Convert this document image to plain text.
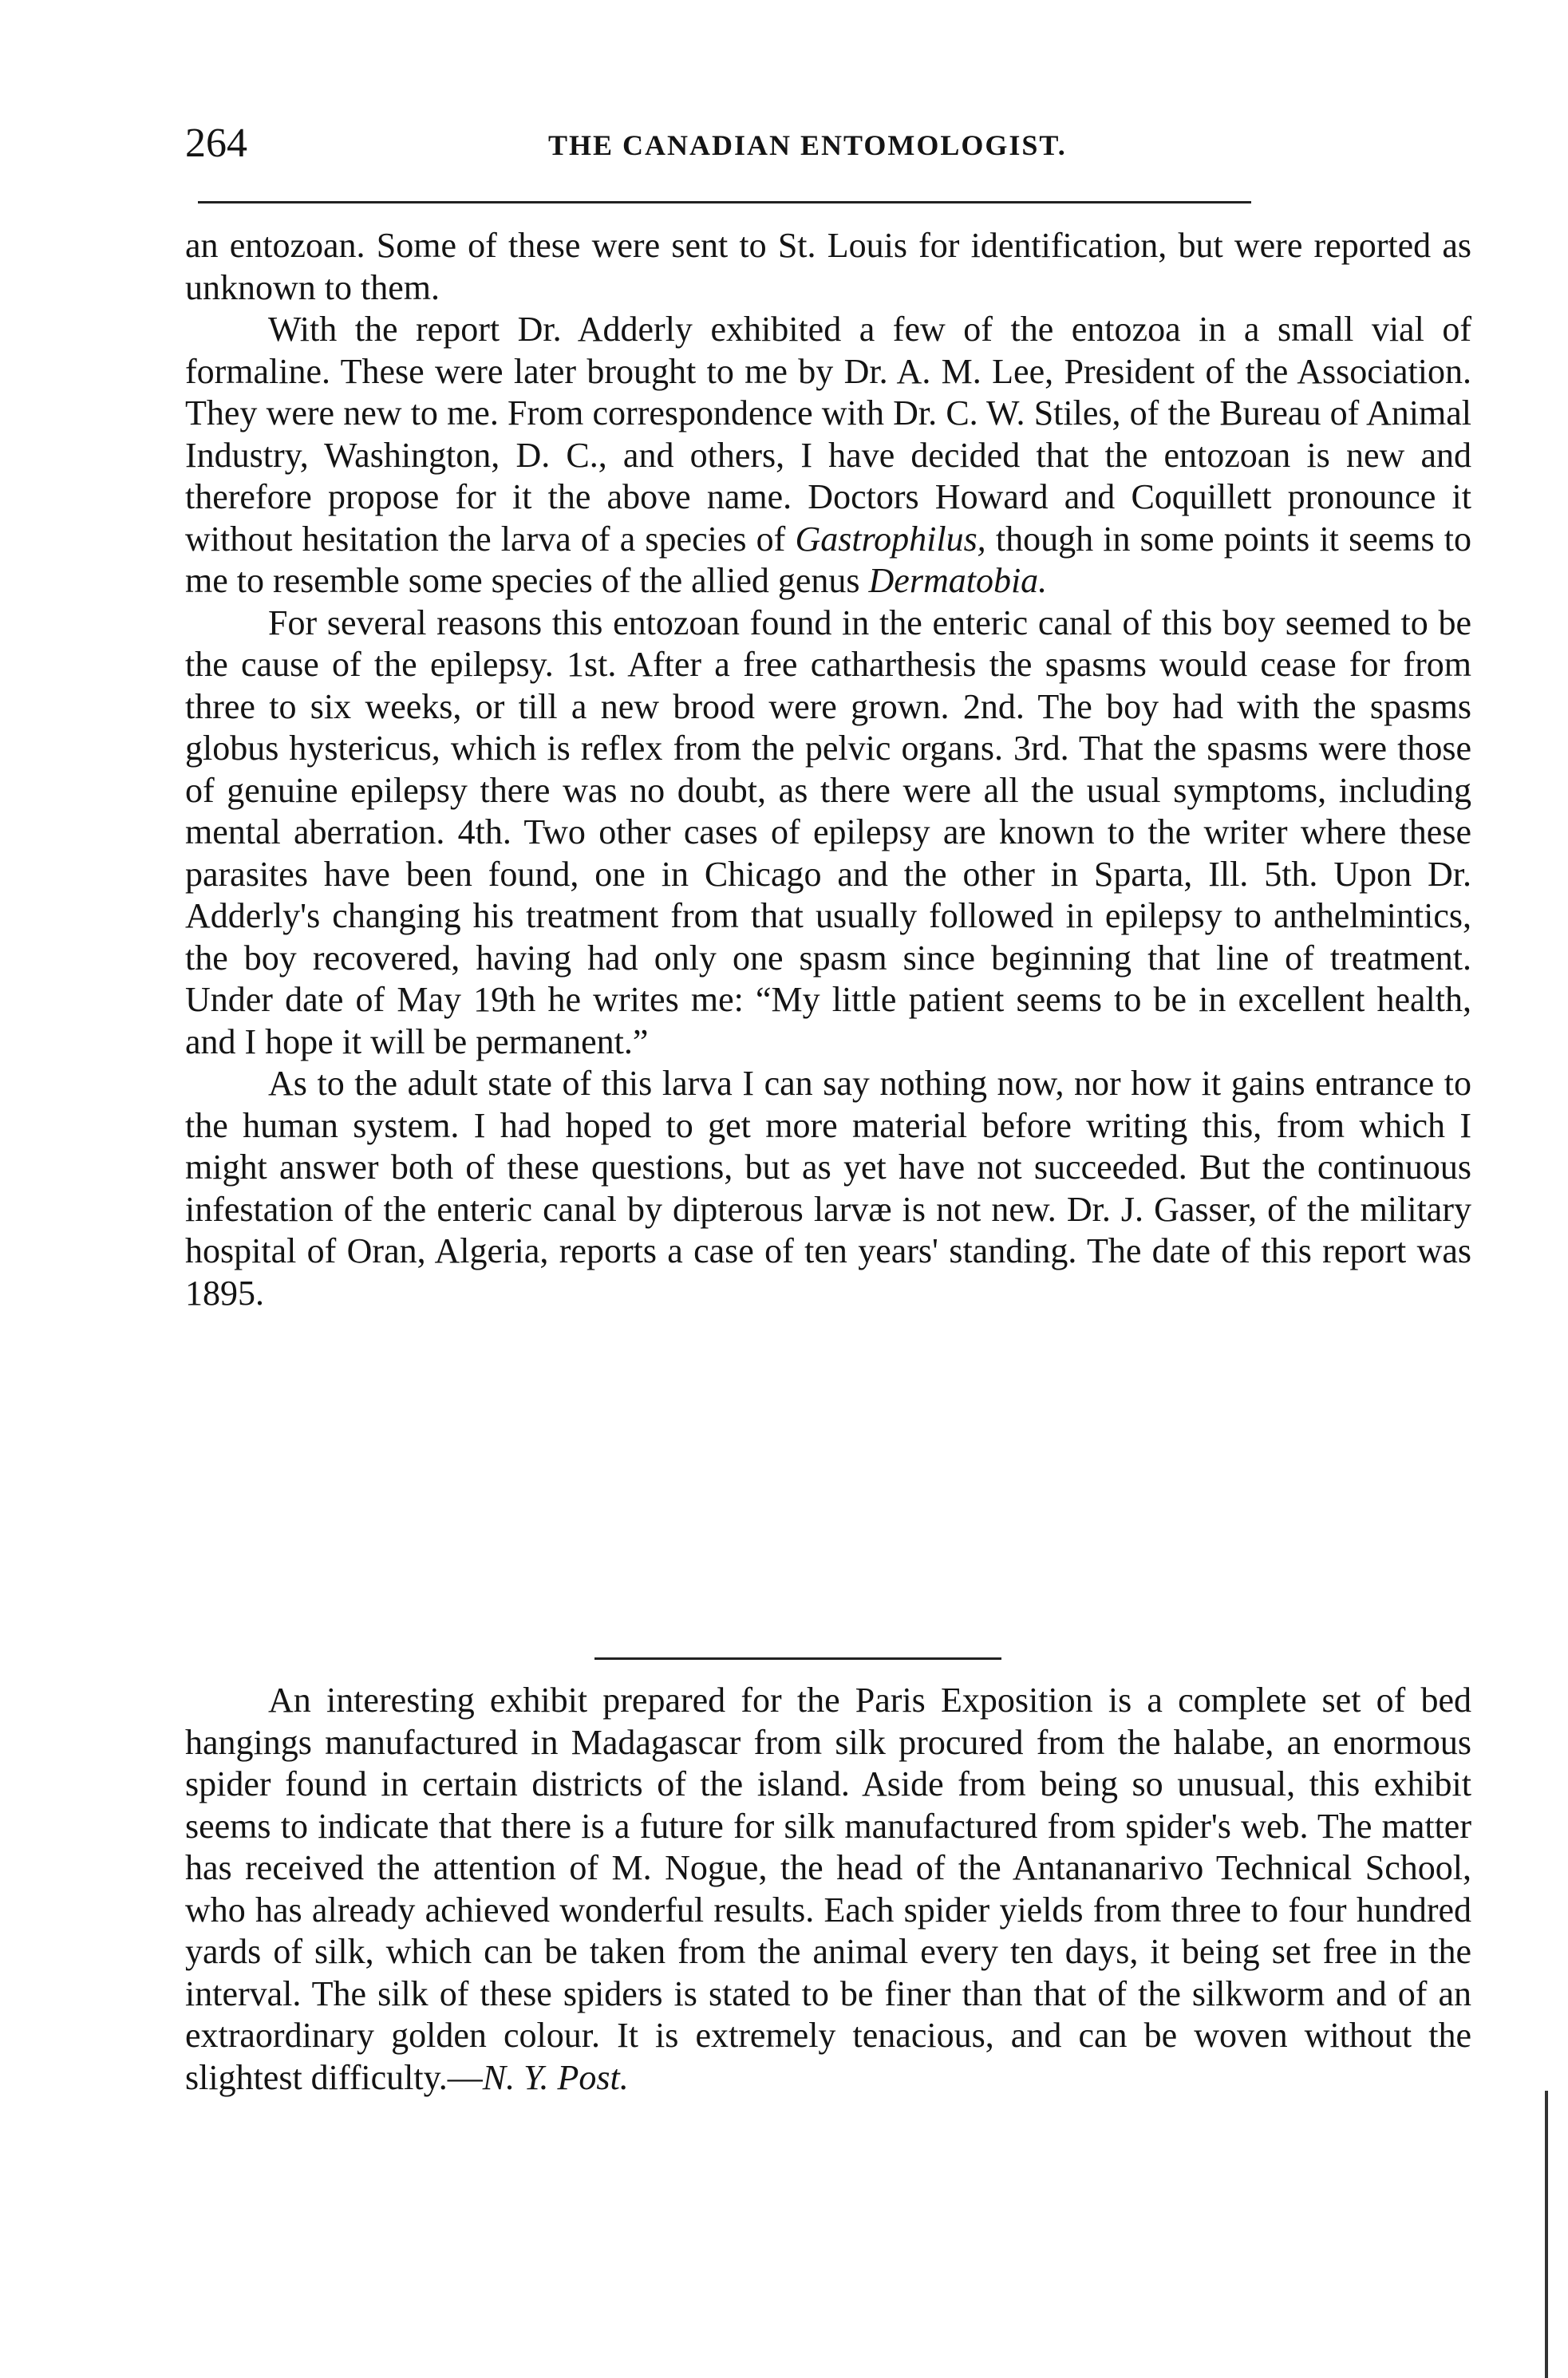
264	THE CANADIAN ENTOMOLOGIST.

an entozoan. Some of these were sent to St. Louis for identification, but were reported as unknown to them.

With the report Dr. Adderly exhibited a few of the entozoa in a small vial of formaline. These were later brought to me by Dr. A. M. Lee, President of the Association. They were new to me. From correspondence with Dr. C. W. Stiles, of the Bureau of Animal Industry, Washington, D. C., and others, I have decided that the entozoan is new and therefore propose for it the above name. Doctors Howard and Coquillett pronounce it without hesitation the larva of a species of Gastrophilus, though in some points it seems to me to resemble some species of the allied genus Dermatobia.

For several reasons this entozoan found in the enteric canal of this boy seemed to be the cause of the epilepsy. 1st. After a free catharthesis the spasms would cease for from three to six weeks, or till a new brood were grown. 2nd. The boy had with the spasms globus hystericus, which is reflex from the pelvic organs. 3rd. That the spasms were those of genuine epilepsy there was no doubt, as there were all the usual symptoms, including mental aberration. 4th. Two other cases of epilepsy are known to the writer where these parasites have been found, one in Chicago and the other in Sparta, Ill. 5th. Upon Dr. Adderly's changing his treatment from that usually followed in epilepsy to anthelmintics, the boy recovered, having had only one spasm since beginning that line of treatment. Under date of May 19th he writes me: “My little patient seems to be in excellent health, and I hope it will be permanent.”

As to the adult state of this larva I can say nothing now, nor how it gains entrance to the human system. I had hoped to get more material before writing this, from which I might answer both of these questions, but as yet have not succeeded. But the continuous infestation of the enteric canal by dipterous larvæ is not new. Dr. J. Gasser, of the military hospital of Oran, Algeria, reports a case of ten years' standing. The date of this report was 1895.

An interesting exhibit prepared for the Paris Exposition is a complete set of bed hangings manufactured in Madagascar from silk procured from the halabe, an enormous spider found in certain districts of the island. Aside from being so unusual, this exhibit seems to indicate that there is a future for silk manufactured from spider's web. The matter has received the attention of M. Nogue, the head of the Antananarivo Technical School, who has already achieved wonderful results. Each spider yields from three to four hundred yards of silk, which can be taken from the animal every ten days, it being set free in the interval. The silk of these spiders is stated to be finer than that of the silkworm and of an extraordinary golden colour. It is extremely tenacious, and can be woven without the slightest difficulty.—N. Y. Post.
